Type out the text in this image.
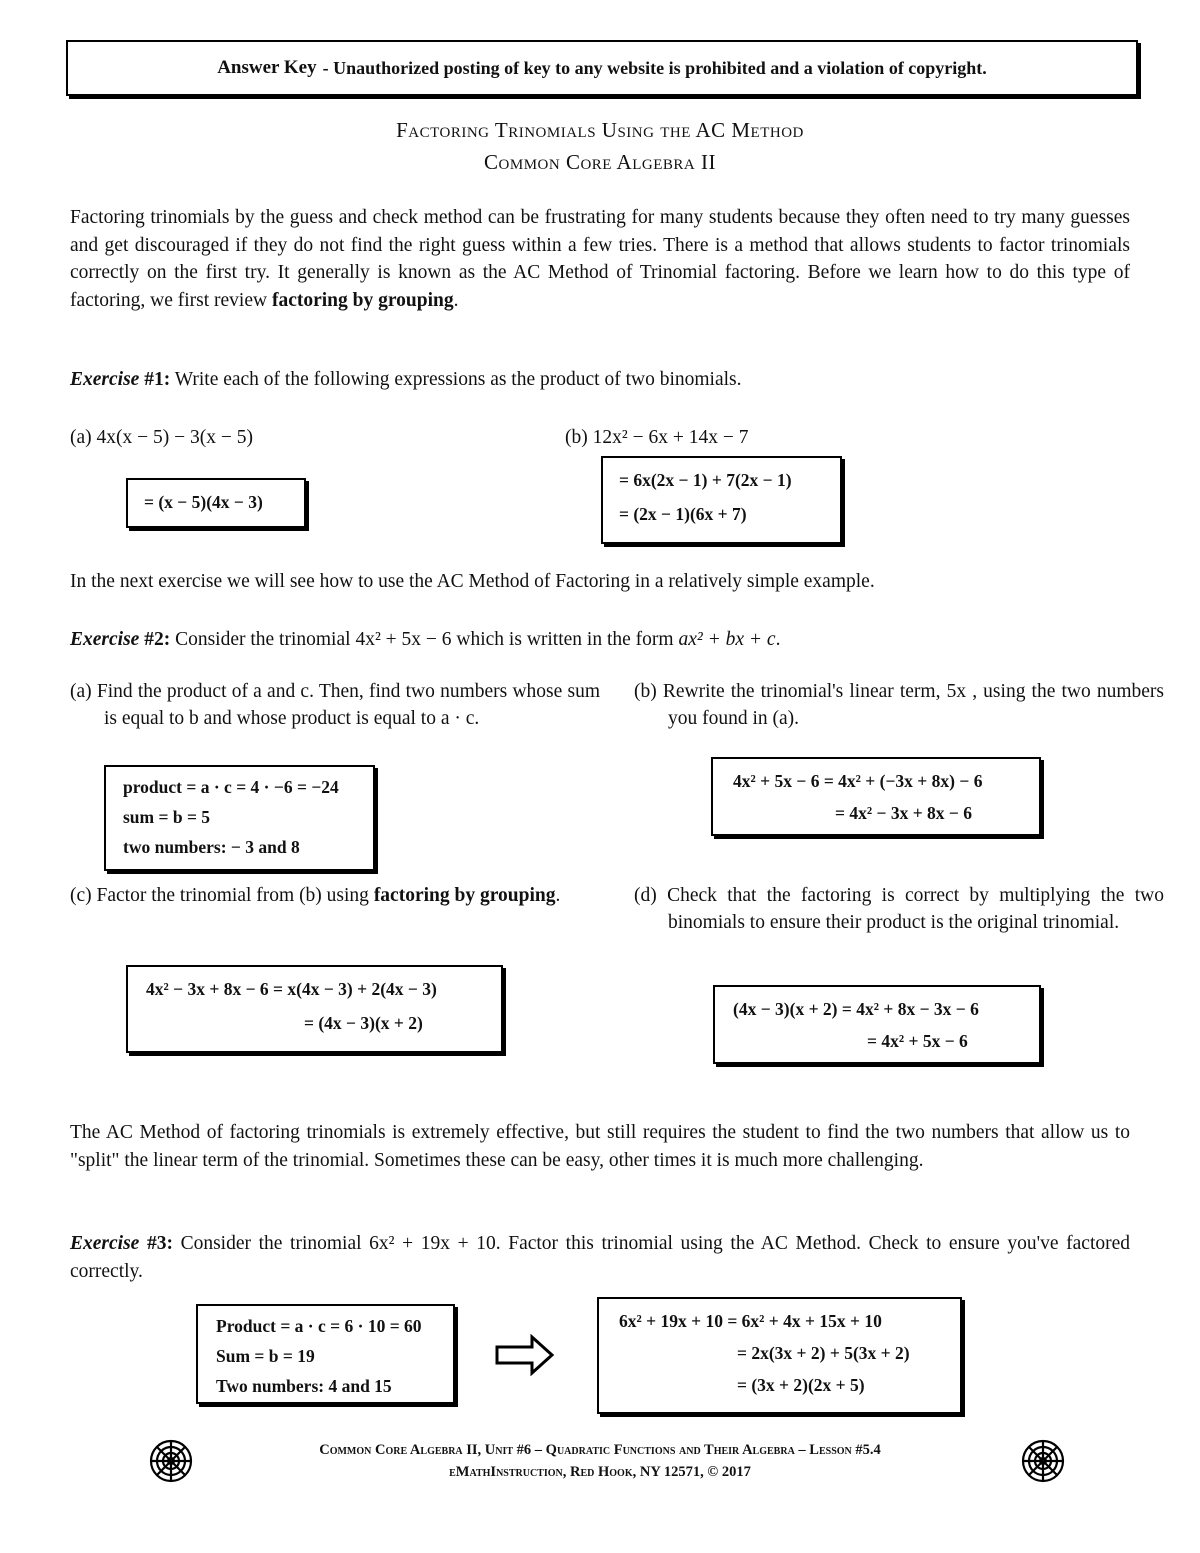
Answer Key - Unauthorized posting of key to any website is prohibited and a violation of copyright.
Factoring Trinomials Using the AC Method
Common Core Algebra II
Factoring trinomials by the guess and check method can be frustrating for many students because they often need to try many guesses and get discouraged if they do not find the right guess within a few tries. There is a method that allows students to factor trinomials correctly on the first try. It generally is known as the AC Method of Trinomial factoring. Before we learn how to do this type of factoring, we first review factoring by grouping.
Exercise #1: Write each of the following expressions as the product of two binomials.
(a) 4x(x − 5) − 3(x − 5)	(b) 12x² − 6x + 14x − 7
= (x − 5)(4x − 3)
= 6x(2x − 1) + 7(2x − 1)
= (2x − 1)(6x + 7)
In the next exercise we will see how to use the AC Method of Factoring in a relatively simple example.
Exercise #2: Consider the trinomial 4x² + 5x − 6 which is written in the form ax² + bx + c.
(a) Find the product of a and c. Then, find two numbers whose sum is equal to b and whose product is equal to a · c.
product = a · c = 4 · −6 = −24
sum = b = 5
two numbers: − 3 and 8
(b) Rewrite the trinomial's linear term, 5x , using the two numbers you found in (a).
4x² + 5x − 6 = 4x² + (−3x + 8x) − 6
= 4x² − 3x + 8x − 6
(c) Factor the trinomial from (b) using factoring by grouping.
4x² − 3x + 8x − 6 = x(4x − 3) + 2(4x − 3)
= (4x − 3)(x + 2)
(d) Check that the factoring is correct by multiplying the two binomials to ensure their product is the original trinomial.
(4x − 3)(x + 2) = 4x² + 8x − 3x − 6
= 4x² + 5x − 6
The AC Method of factoring trinomials is extremely effective, but still requires the student to find the two numbers that allow us to "split" the linear term of the trinomial. Sometimes these can be easy, other times it is much more challenging.
Exercise #3: Consider the trinomial 6x² + 19x + 10. Factor this trinomial using the AC Method. Check to ensure you've factored correctly.
Product = a · c = 6 · 10 = 60
Sum = b = 19
Two numbers: 4 and 15
6x² + 19x + 10 = 6x² + 4x + 15x + 10
= 2x(3x + 2) + 5(3x + 2)
= (3x + 2)(2x + 5)
Common Core Algebra II, Unit #6 – Quadratic Functions and Their Algebra – Lesson #5.4
eMathInstruction, Red Hook, NY 12571, © 2017
